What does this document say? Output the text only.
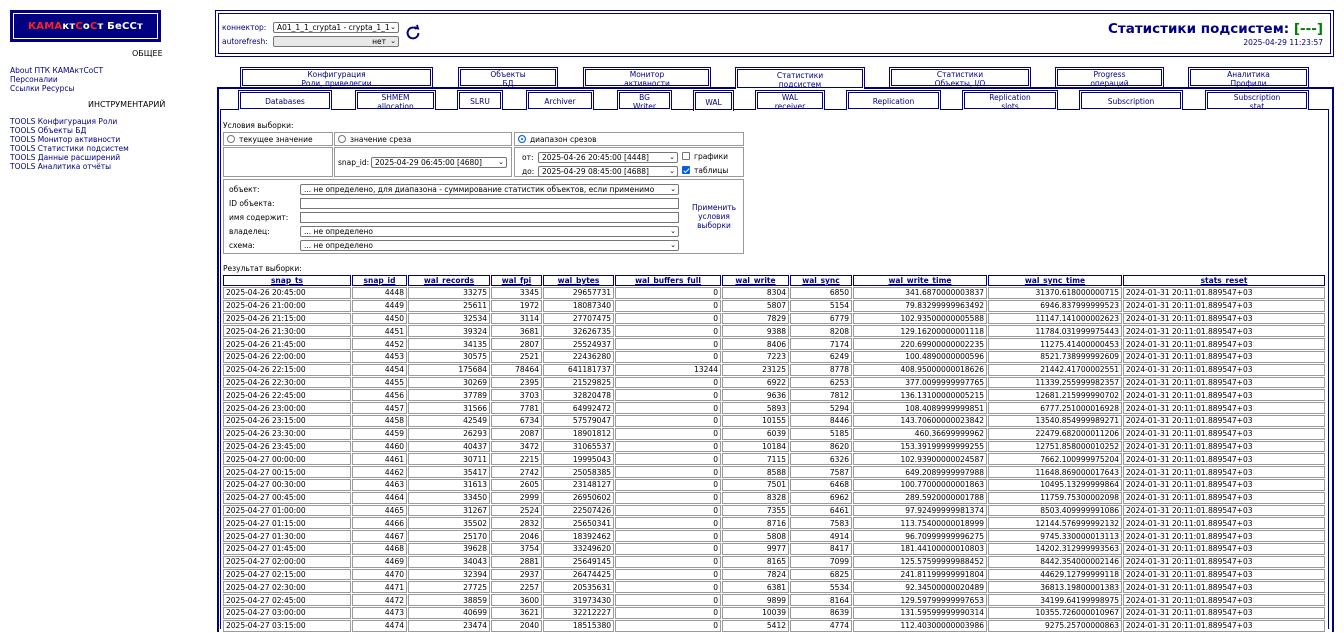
КАМА кт С о С т БеССт
ОБЩЕЕ
About ПТК КАМАктСоСТ
Персоналии
Ссылки Ресурсы
ИНСТРУМЕНТАРИЙ
TOOLS Конфигурация Роли
TOOLS Объекты БД
TOOLS Монитор активности
TOOLS Статистики подсистем
TOOLS Данные расширений
TOOLS Аналитика отчёты
коннектор:	A01_1_1_crypta1 - crypta_1_1 ⌄
autorefresh:	нет ⌄
Статистики подсистем: [---]
2025-04-29 11:23:57
Конфигурация
Роли, привелегии
Объекты
БД
Монитор
активности
Статистики
подсистем
Статистики
Объекты, I/O
Progress
операций
Аналитика
Профили
Databases	SHMEM
allocation	SLRU	Archiver	BG
Writer	WAL
WAL
receiver	Replication	Replication
slots	Subscription	Subscription
stat
Условия выборки:
текущее значение	значение среза	диапазон срезов
snap_id: 2025-04-29 06:45:00 [4680] ⌄ от:	2025-04-26 20:45:00 [4448]	⌄
до:	2025-04-29 08:45:00 [4688]	⌄
графики
таблицы
объект:	... не определено, для диапазона - суммирование статистик объектов, если применимо ⌄
ID объекта:
имя содержит:
владелец:	... не определено	⌄
схема:	... не определено	⌄
Применить
условия
выборки
Результат выборки:
snap_ts	snap_id	wal_records	wal_fpi	wal_bytes	wal_buffers_full	wal_write	wal_sync	wal_write_time	wal_sync_time	stats_reset
2025-04-26 20:45:00	4448	33275	3345	29657731	0	8304	6850	341.6870000003837	31370.618000000715	2024-01-31 20:11:01.889547+03
2025-04-26 21:00:00	4449	25611	1972	18087340	0	5807	5154	79.83299999963492	6946.837999999523	2024-01-31 20:11:01.889547+03
2025-04-26 21:15:00	4450	32534	3114	27707475	0	7829	6779	102.93500000005588	11147.141000002623	2024-01-31 20:11:01.889547+03
2025-04-26 21:30:00	4451	39324	3681	32626735	0	9388	8208	129.16200000001118	11784.031999975443	2024-01-31 20:11:01.889547+03
2025-04-26 21:45:00	4452	34135	2807	25524937	0	8406	7174	220.69900000002235	11275.41400000453	2024-01-31 20:11:01.889547+03
2025-04-26 22:00:00	4453	30575	2521	22436280	0	7223	6249	100.4890000000596	8521.738999992609	2024-01-31 20:11:01.889547+03
2025-04-26 22:15:00	4454	175684	78464	641181737	13244	23125	8778	408.95000000018626	21442.41700002551	2024-01-31 20:11:01.889547+03
2025-04-26 22:30:00	4455	30269	2395	21529825	0	6922	6253	377.0099999997765	11339.255999982357	2024-01-31 20:11:01.889547+03
2025-04-26 22:45:00	4456	37789	3703	32820478	0	9636	7812	136.13100000005215	12681.215999990702	2024-01-31 20:11:01.889547+03
2025-04-26 23:00:00	4457	31566	7781	64992472	0	5893	5294	108.4089999999851	6777.251000016928	2024-01-31 20:11:01.889547+03
2025-04-26 23:15:00	4458	42549	6734	57579047	0	10155	8446	143.70600000023842	13540.854999989271	2024-01-31 20:11:01.889547+03
2025-04-26 23:30:00	4459	26293	2087	18901812	0	6039	5185	460.36699999962	22479.682000011206	2024-01-31 20:11:01.889547+03
2025-04-26 23:45:00	4460	40437	3472	31065537	0	10184	8620	153.39199999999255	12751.858000010252	2024-01-31 20:11:01.889547+03
2025-04-27 00:00:00	4461	30711	2215	19995043	0	7115	6326	102.93900000024587	7662.100999975204	2024-01-31 20:11:01.889547+03
2025-04-27 00:15:00	4462	35417	2742	25058385	0	8588	7587	649.2089999997988	11648.869000017643	2024-01-31 20:11:01.889547+03
2025-04-27 00:30:00	4463	31613	2605	23148127	0	7501	6468	100.77000000001863	10495.13299999864	2024-01-31 20:11:01.889547+03
2025-04-27 00:45:00	4464	33450	2999	26950602	0	8328	6962	289.5920000001788	11759.75300002098	2024-01-31 20:11:01.889547+03
2025-04-27 01:00:00	4465	31267	2524	22507426	0	7355	6461	97.92499999981374	8503.409999991086	2024-01-31 20:11:01.889547+03
2025-04-27 01:15:00	4466	35502	2832	25650341	0	8716	7583	113.75400000018999	12144.576999992132	2024-01-31 20:11:01.889547+03
2025-04-27 01:30:00	4467	25170	2046	18392462	0	5808	4914	96.70999999996275	9745.330000013113	2024-01-31 20:11:01.889547+03
2025-04-27 01:45:00	4468	39628	3754	33249620	0	9977	8417	181.44100000010803	14202.312999993563	2024-01-31 20:11:01.889547+03
2025-04-27 02:00:00	4469	34043	2881	25649145	0	8165	7099	125.57599999988452	8442.354000002146	2024-01-31 20:11:01.889547+03
2025-04-27 02:15:00	4470	32394	2937	26474425	0	7824	6825	241.81199999991804	44629.12799999118	2024-01-31 20:11:01.889547+03
2025-04-27 02:30:00	4471	27725	2257	20535631	0	6381	5534	92.34500000020489	36813.19800001383	2024-01-31 20:11:01.889547+03
2025-04-27 02:45:00	4472	38859	3600	31973430	0	9899	8164	129.59799999997653	34199.64199998975	2024-01-31 20:11:01.889547+03
2025-04-27 03:00:00	4473	40699	3621	32212227	0	10039	8639	131.59599999990314	10355.726000010967	2024-01-31 20:11:01.889547+03
2025-04-27 03:15:00	4474	23474	2040	18515380	0	5412	4774	112.40300000003986	9275.25700000863	2024-01-31 20:11:01.889547+03
